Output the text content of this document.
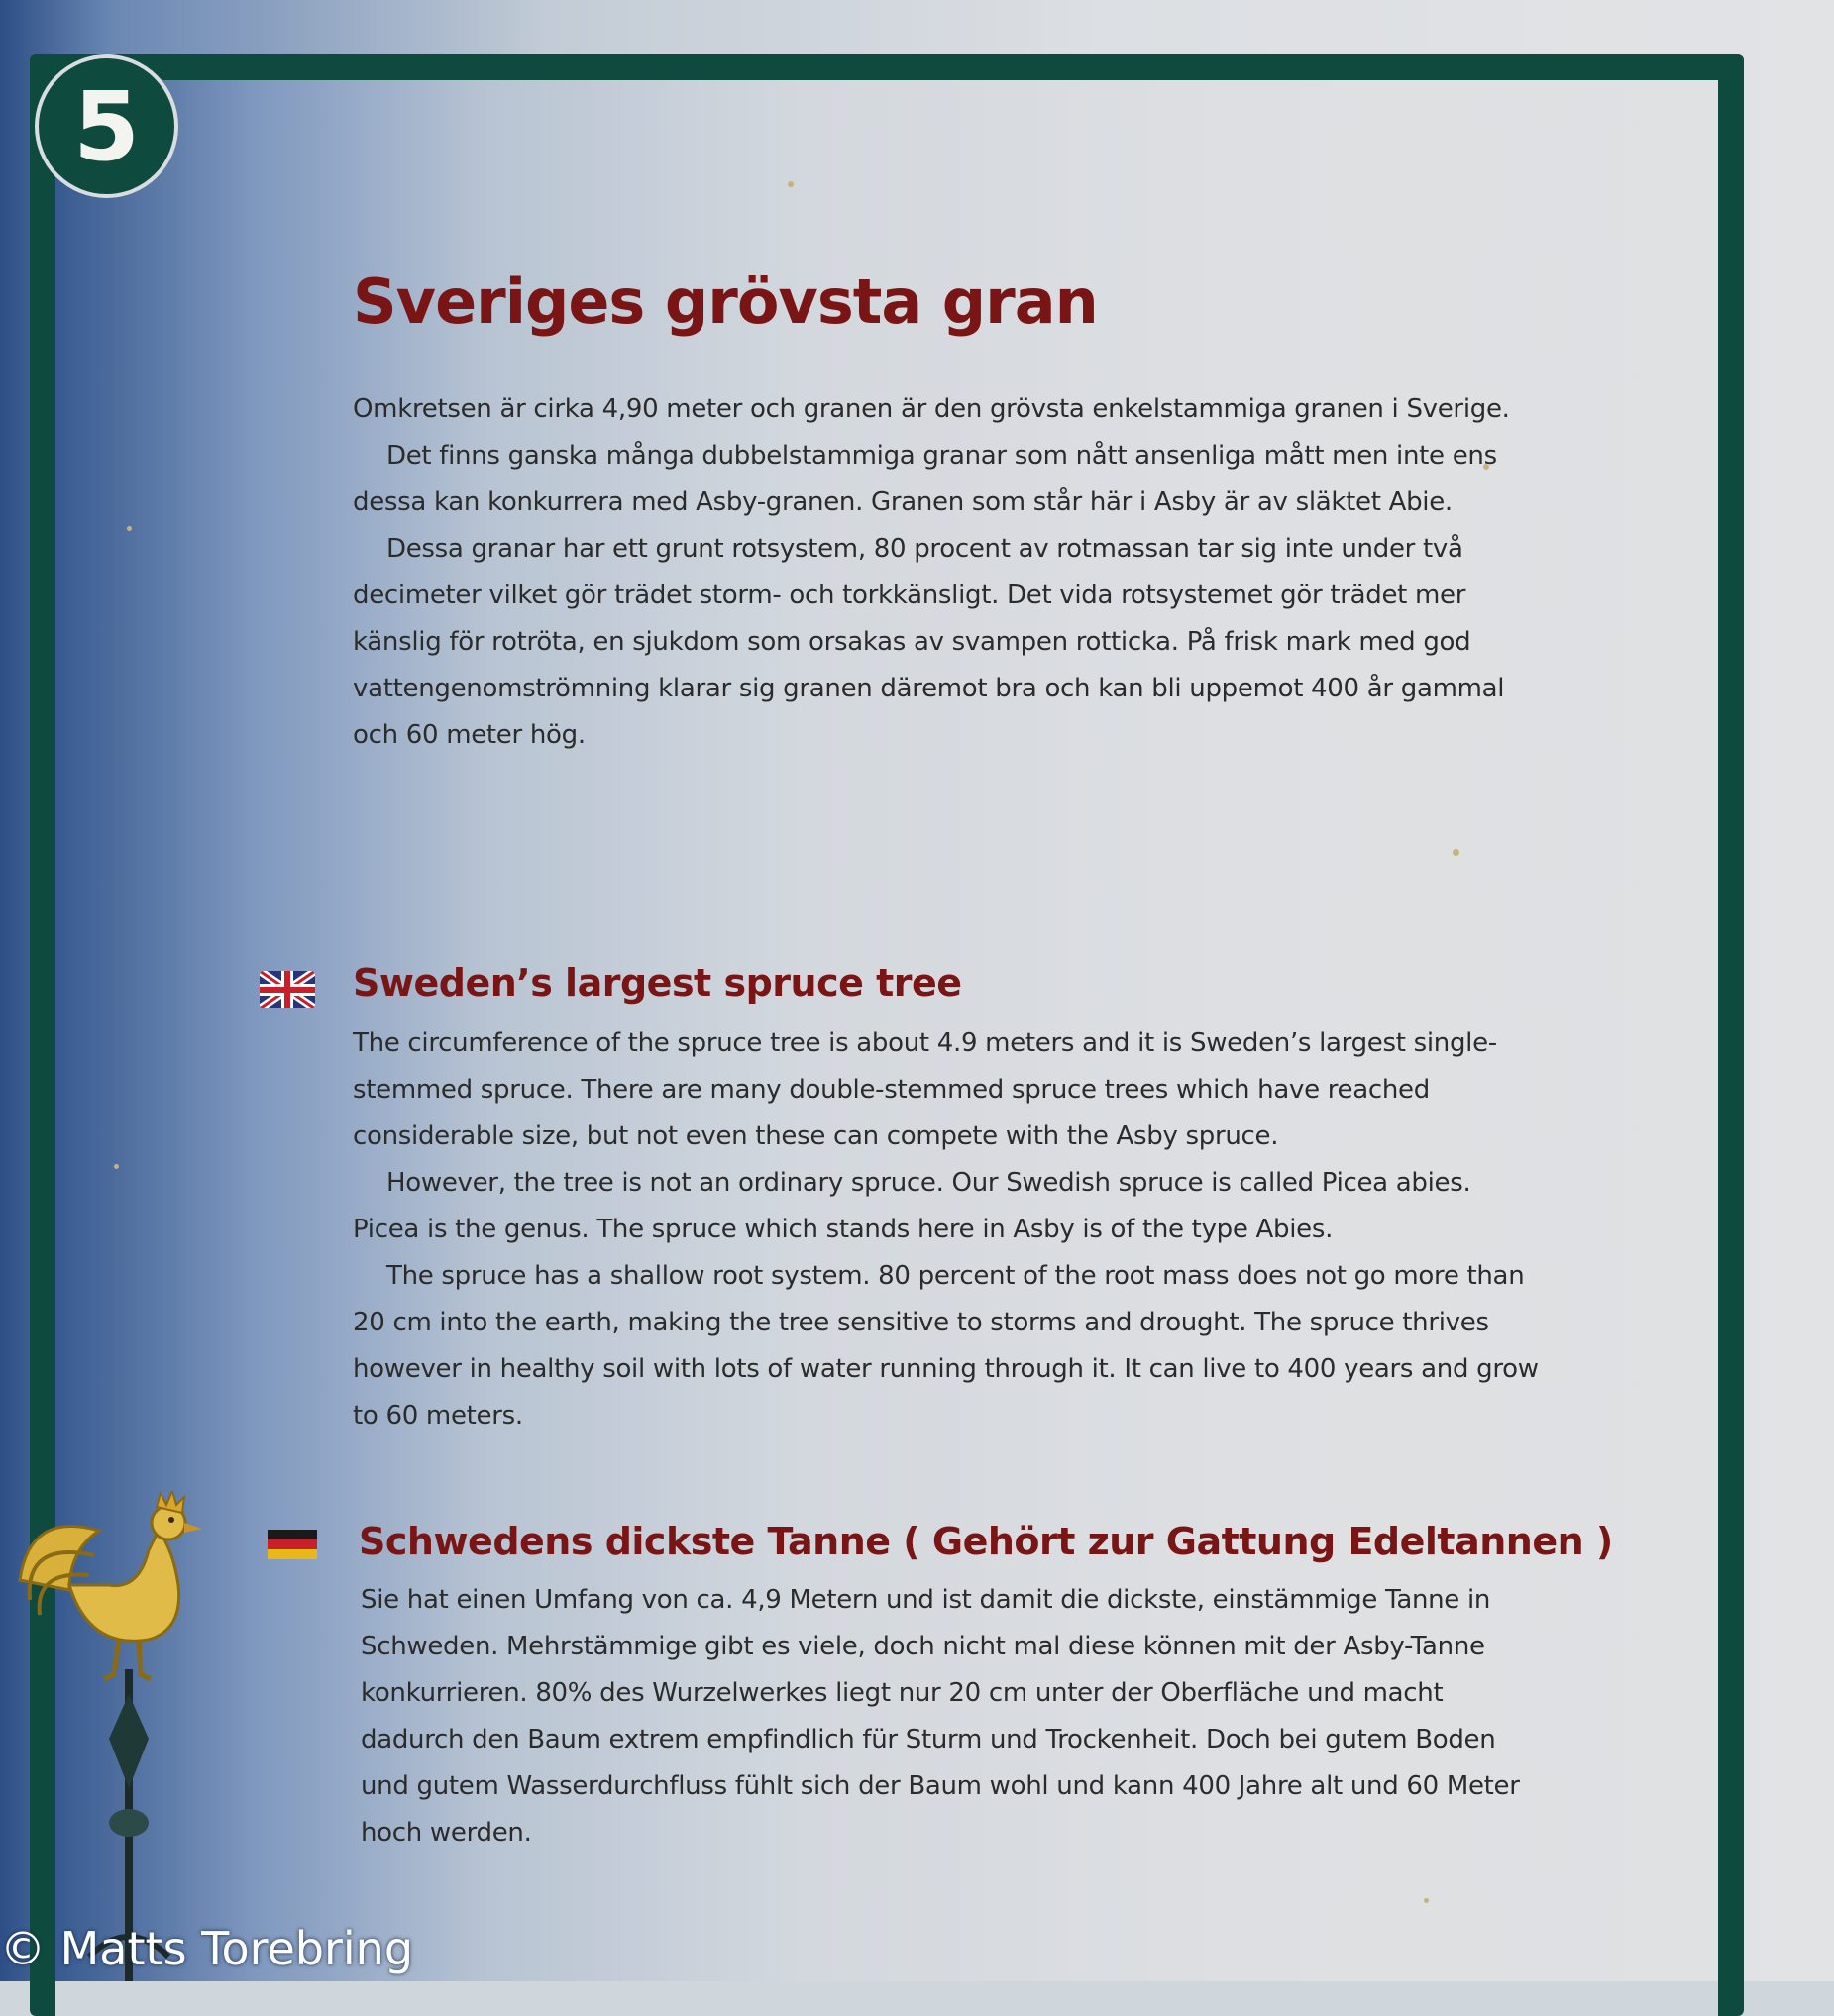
5
Sveriges grövsta gran

Omkretsen är cirka 4,90 meter och granen är den grövsta enkelstammiga granen i Sverige.

Det finns ganska många dubbelstammiga granar som nått ansenliga mått men inte ens dessa kan konkurrera med Asby-granen. Granen som står här i Asby är av släktet Abie.

Dessa granar har ett grunt rotsystem, 80 procent av rotmassan tar sig inte under två decimeter vilket gör trädet storm- och torkkänsligt. Det vida rotsystemet gör trädet mer känslig för rotröta, en sjukdom som orsakas av svampen rotticka. På frisk mark med god vattengenomströmning klarar sig granen däremot bra och kan bli uppemot 400 år gammal och 60 meter hög.

Sweden’s largest spruce tree

The circumference of the spruce tree is about 4.9 meters and it is Sweden’s largest single-stemmed spruce. There are many double-stemmed spruce trees which have reached considerable size, but not even these can compete with the Asby spruce.

However, the tree is not an ordinary spruce. Our Swedish spruce is called Picea abies. Picea is the genus. The spruce which stands here in Asby is of the type Abies.

The spruce has a shallow root system. 80 percent of the root mass does not go more than 20 cm into the earth, making the tree sensitive to storms and drought. The spruce thrives however in healthy soil with lots of water running through it. It can live to 400 years and grow to 60 meters.

Schwedens dickste Tanne ( Gehört zur Gattung Edeltannen )

Sie hat einen Umfang von ca. 4,9 Metern und ist damit die dickste, einstämmige Tanne in Schweden. Mehrstämmige gibt es viele, doch nicht mal diese können mit der Asby-Tanne konkurrieren. 80% des Wurzelwerkes liegt nur 20 cm unter der Oberfläche und macht dadurch den Baum extrem empfindlich für Sturm und Trockenheit. Doch bei gutem Boden und gutem Wasserdurchfluss fühlt sich der Baum wohl und kann 400 Jahre alt und 60 Meter hoch werden.

© Matts Torebring
